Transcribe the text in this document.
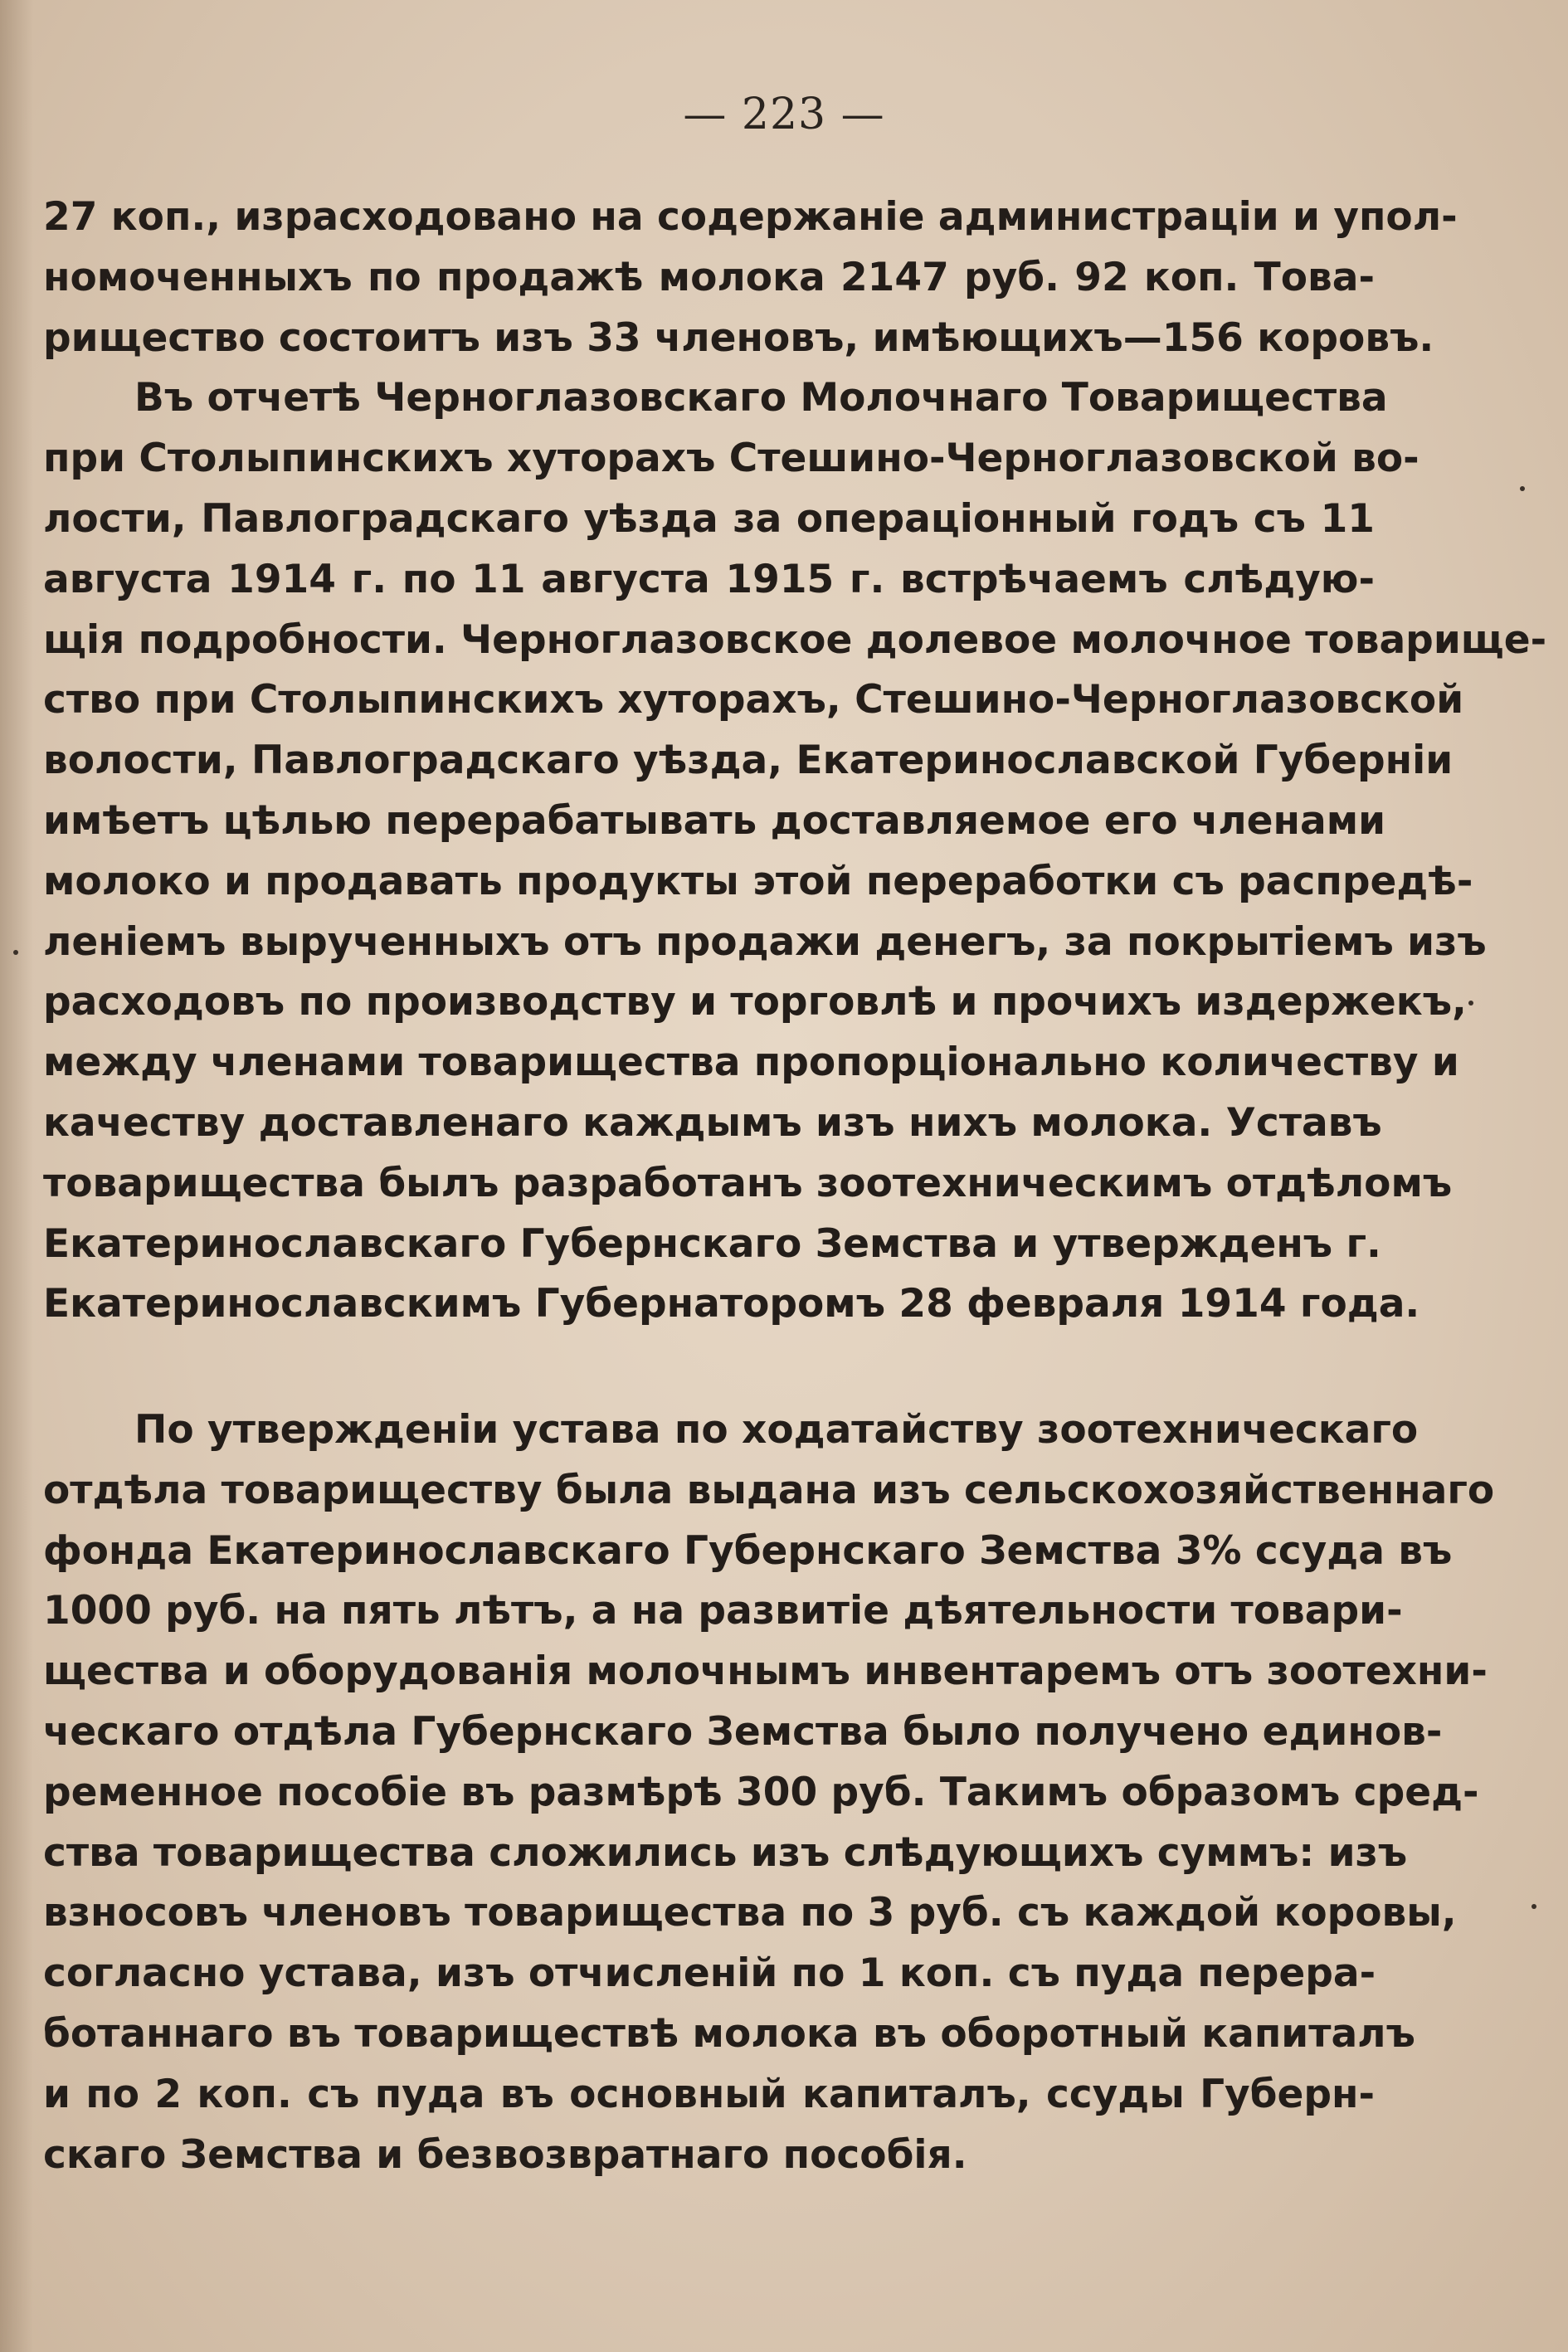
— 223 —
27 коп., израсходовано на содержаніе администраціи и упол-
номоченныхъ по продажѣ молока 2147 руб. 92 коп. Това-
рищество состоитъ изъ 33 членовъ, имѣющихъ—156 коровъ.
Въ отчетѣ Черноглазовскаго Молочнаго Товарищества
при Столыпинскихъ хуторахъ Стешино-Черноглазовской во-
лости, Павлоградскаго уѣзда за операціонный годъ съ 11
августа 1914 г. по 11 августа 1915 г. встрѣчаемъ слѣдую-
щія подробности. Черноглазовское долевое молочное товарище-
ство при Столыпинскихъ хуторахъ, Стешино-Черноглазовской
волости, Павлоградскаго уѣзда, Екатеринославской Губерніи
имѣетъ цѣлью перерабатывать доставляемое его членами
молоко и продавать продукты этой переработки съ распредѣ-
леніемъ вырученныхъ отъ продажи денегъ, за покрытіемъ изъ
расходовъ по производству и торговлѣ и прочихъ издержекъ,
между членами товарищества пропорціонально количеству и
качеству доставленаго каждымъ изъ нихъ молока. Уставъ
товарищества былъ разработанъ зоотехническимъ отдѣломъ
Екатеринославскаго Губернскаго Земства и утвержденъ г.
Екатеринославскимъ Губернаторомъ 28 февраля 1914 года.
По утвержденіи устава по ходатайству зоотехническаго
отдѣла товариществу была выдана изъ сельскохозяйственнаго
фонда Екатеринославскаго Губернскаго Земства 3% ссуда въ
1000 руб. на пять лѣтъ, а на развитіе дѣятельности товари-
щества и оборудованія молочнымъ инвентаремъ отъ зоотехни-
ческаго отдѣла Губернскаго Земства было получено единов-
ременное пособіе въ размѣрѣ 300 руб. Такимъ образомъ сред-
ства товарищества сложились изъ слѣдующихъ суммъ: изъ
взносовъ членовъ товарищества по 3 руб. съ каждой коровы,
согласно устава, изъ отчисленій по 1 коп. съ пуда перера-
ботаннаго въ товариществѣ молока въ оборотный капиталъ
и по 2 коп. съ пуда въ основный капиталъ, ссуды Губерн-
скаго Земства и безвозвратнаго пособія.
